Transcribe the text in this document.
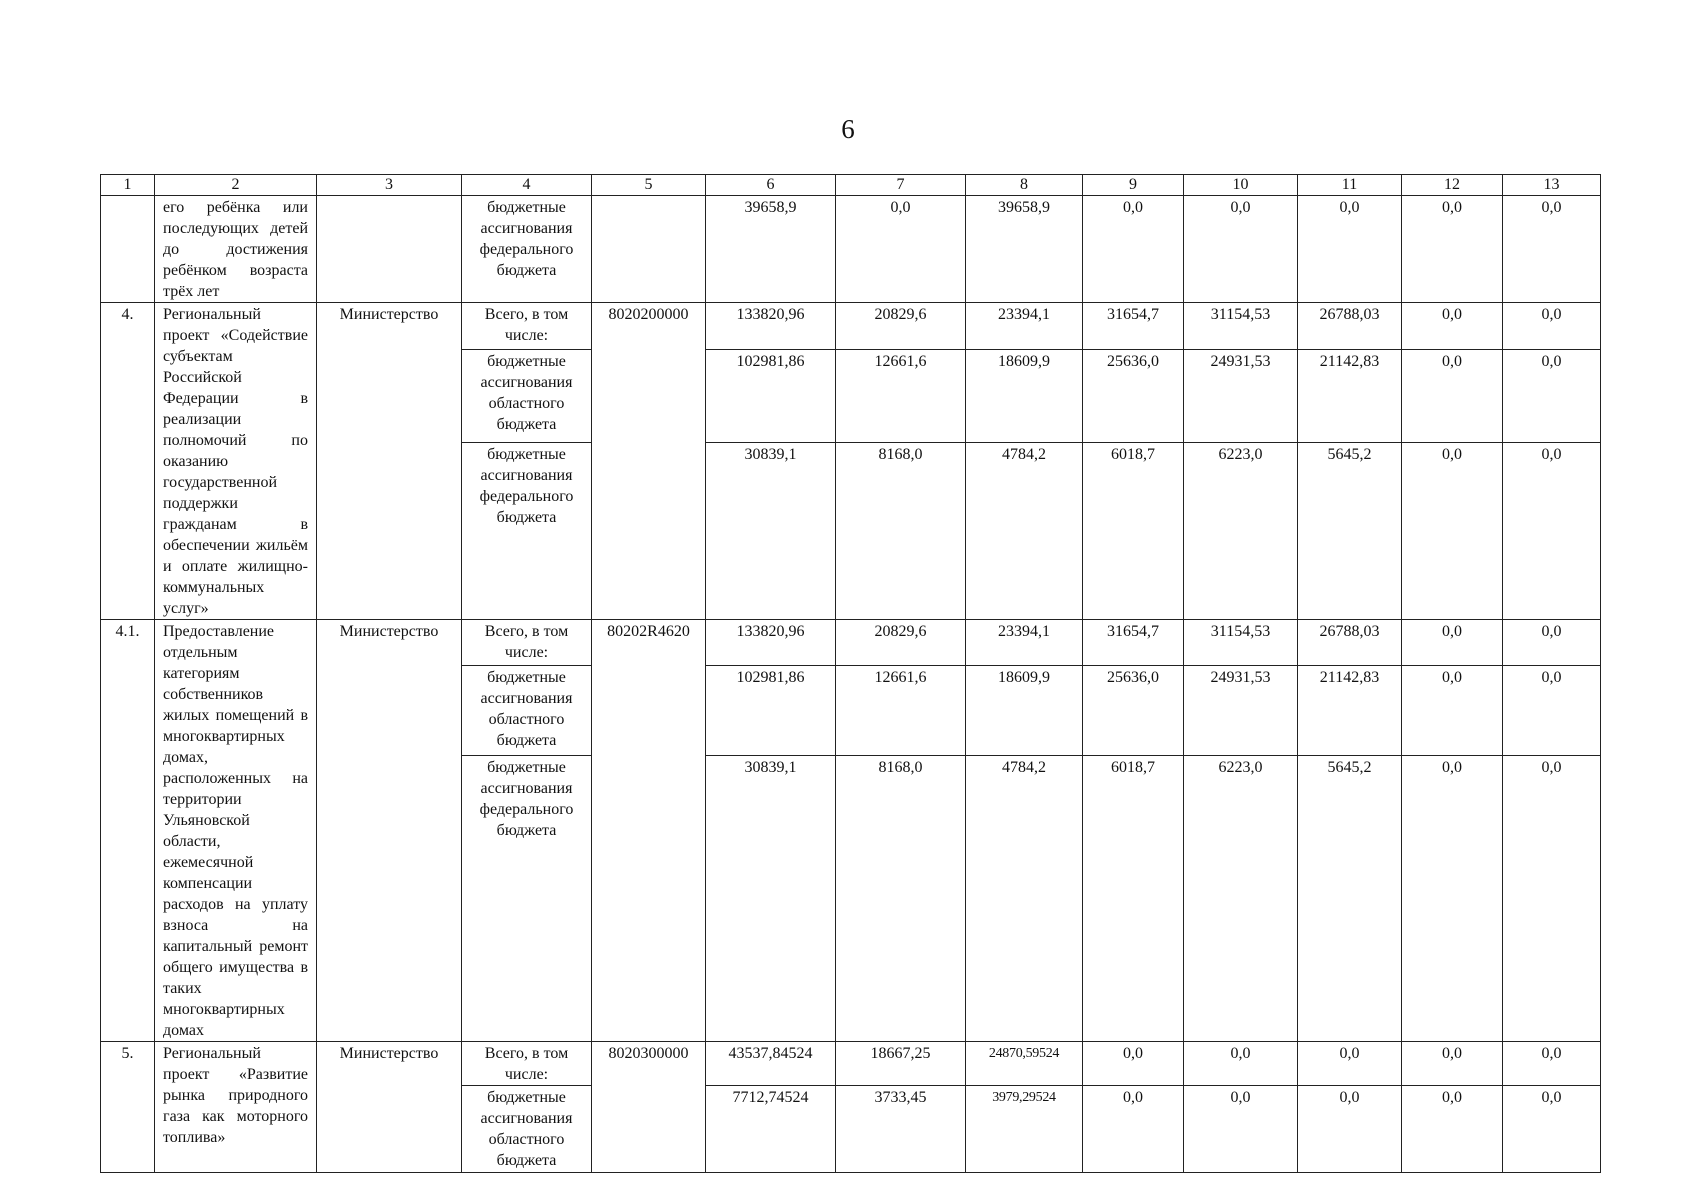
6
1	2	3	4	5	6	7	8	9	10	11	12	13
	его ребёнка или последующих детей до достижения ребёнком возраста трёх лет		бюджетные ассигнования федерального бюджета		39658,9	0,0	39658,9	0,0	0,0	0,0	0,0	0,0
4.	Региональный проект «Содействие субъектам Российской Федерации в реализации полномочий по оказанию государственной поддержки гражданам в обеспечении жильём и оплате жилищно-коммунальных услуг»	Министерство	Всего, в том числе:	8020200000	133820,96	20829,6	23394,1	31654,7	31154,53	26788,03	0,0	0,0
			бюджетные ассигнования областного бюджета		102981,86	12661,6	18609,9	25636,0	24931,53	21142,83	0,0	0,0
			бюджетные ассигнования федерального бюджета		30839,1	8168,0	4784,2	6018,7	6223,0	5645,2	0,0	0,0
4.1.	Предоставление отдельным категориям собственников жилых помещений в многоквартирных домах, расположенных на территории Ульяновской области, ежемесячной компенсации расходов на уплату взноса на капитальный ремонт общего имущества в таких многоквартирных домах	Министерство	Всего, в том числе:	80202R4620	133820,96	20829,6	23394,1	31654,7	31154,53	26788,03	0,0	0,0
			бюджетные ассигнования областного бюджета		102981,86	12661,6	18609,9	25636,0	24931,53	21142,83	0,0	0,0
			бюджетные ассигнования федерального бюджета		30839,1	8168,0	4784,2	6018,7	6223,0	5645,2	0,0	0,0
5.	Региональный проект «Развитие рынка природного газа как моторного топлива»	Министерство	Всего, в том числе:	8020300000	43537,84524	18667,25	24870,59524	0,0	0,0	0,0	0,0	0,0
			бюджетные ассигнования областного бюджета		7712,74524	3733,45	3979,29524	0,0	0,0	0,0	0,0	0,0
